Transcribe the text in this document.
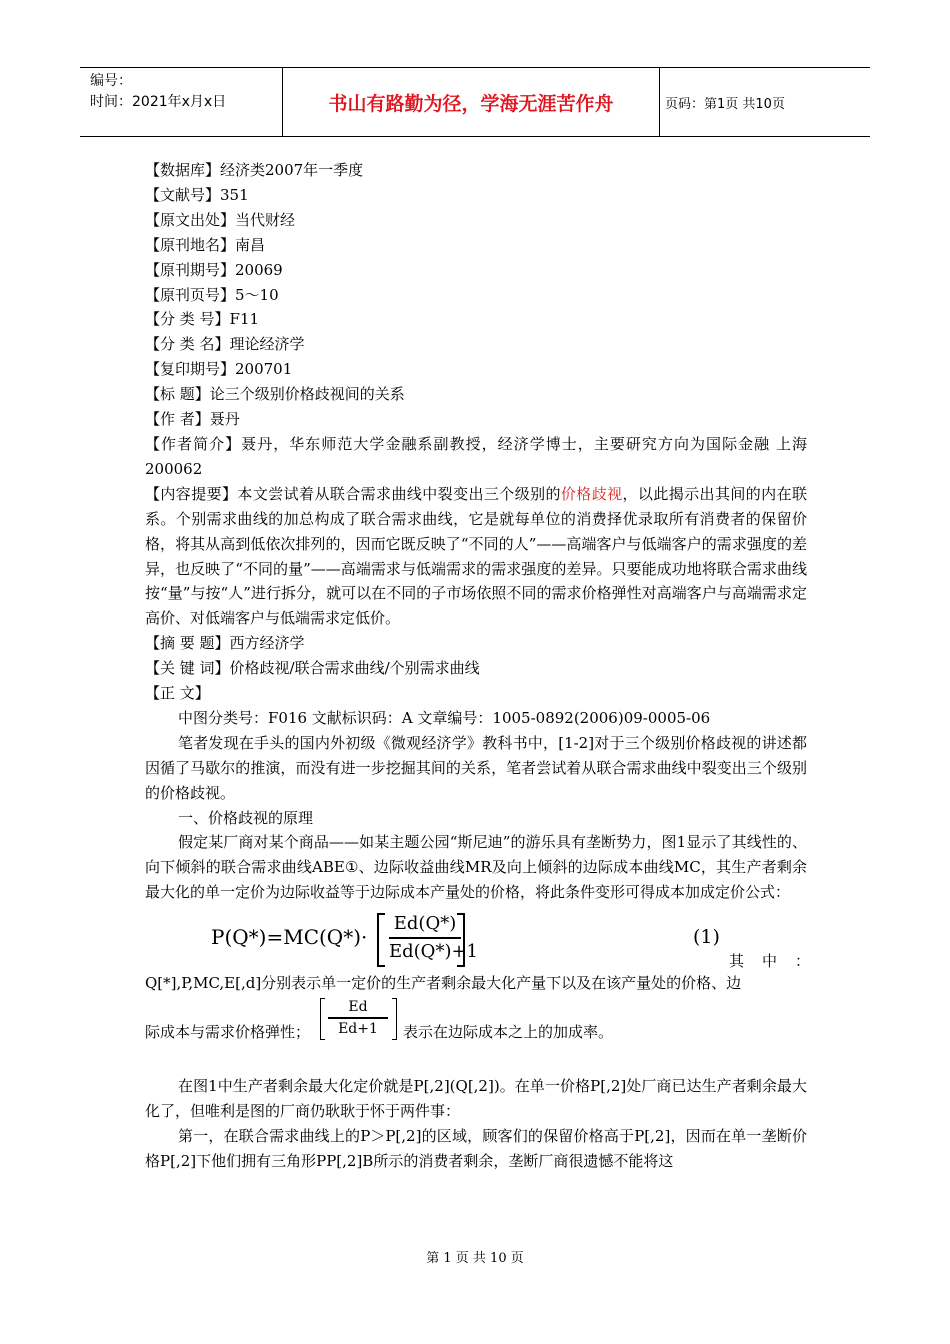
编号：
时间：2021年x月x日	书山有路勤为径，学海无涯苦作舟	页码：第1页 共10页
【数据库】经济类2007年一季度
【文献号】351
【原文出处】当代财经
【原刊地名】南昌
【原刊期号】20069
【原刊页号】5～10
【分 类 号】F11
【分 类 名】理论经济学
【复印期号】200701
【标 题】论三个级别价格歧视间的关系
【作 者】聂丹

【作者简介】聂丹，华东师范大学金融系副教授，经济学博士，主要研究方向为国际金融 上海 200062

【内容提要】本文尝试着从联合需求曲线中裂变出三个级别的价格歧视，以此揭示出其间的内在联系。个别需求曲线的加总构成了联合需求曲线，它是就每单位的消费择优录取所有消费者的保留价格，将其从高到低依次排列的，因而它既反映了“不同的人”——高端客户与低端客户的需求强度的差异，也反映了“不同的量”——高端需求与低端需求的需求强度的差异。只要能成功地将联合需求曲线按“量”与按“人”进行拆分，就可以在不同的子市场依照不同的需求价格弹性对高端客户与高端需求定高价、对低端客户与低端需求定低价。

【摘 要 题】西方经济学
【关 键 词】价格歧视/联合需求曲线/个别需求曲线
【正 文】

中图分类号：F016 文献标识码：A 文章编号：1005-0892(2006)09-0005-06

笔者发现在手头的国内外初级《微观经济学》教科书中，[1-2]对于三个级别价格歧视的讲述都因循了马歇尔的推演，而没有进一步挖掘其间的关系，笔者尝试着从联合需求曲线中裂变出三个级别的价格歧视。

一、价格歧视的原理

假定某厂商对某个商品——如某主题公园“斯尼迪”的游乐具有垄断势力，图1显示了其线性的、向下倾斜的联合需求曲线ABE①、边际收益曲线MR及向上倾斜的边际成本曲线MC，其生产者剩余最大化的单一定价为边际收益等于边际成本产量处的价格，将此条件变形可得成本加成定价公式：

P(Q*)=MC(Q*)·
Ed(Q*)
Ed(Q*)+1
(1)
其中：

Q[*],P,MC,E[,d]分别表示单一定价的生产者剩余最大化产量下以及在该产量处的价格、边

际成本与需求价格弹性；
Ed
Ed+1	表示在边际成本之上的加成率。

在图1中生产者剩余最大化定价就是P[,2](Q[,2])。在单一价格P[,2]处厂商已达生产者剩余最大化了，但唯利是图的厂商仍耿耿于怀于两件事：

第一，在联合需求曲线上的P＞P[,2]的区域，顾客们的保留价格高于P[,2]，因而在单一垄断价格P[,2]下他们拥有三角形PP[,2]B所示的消费者剩余，垄断厂商很遗憾不能将这

第 1 页 共 10 页
